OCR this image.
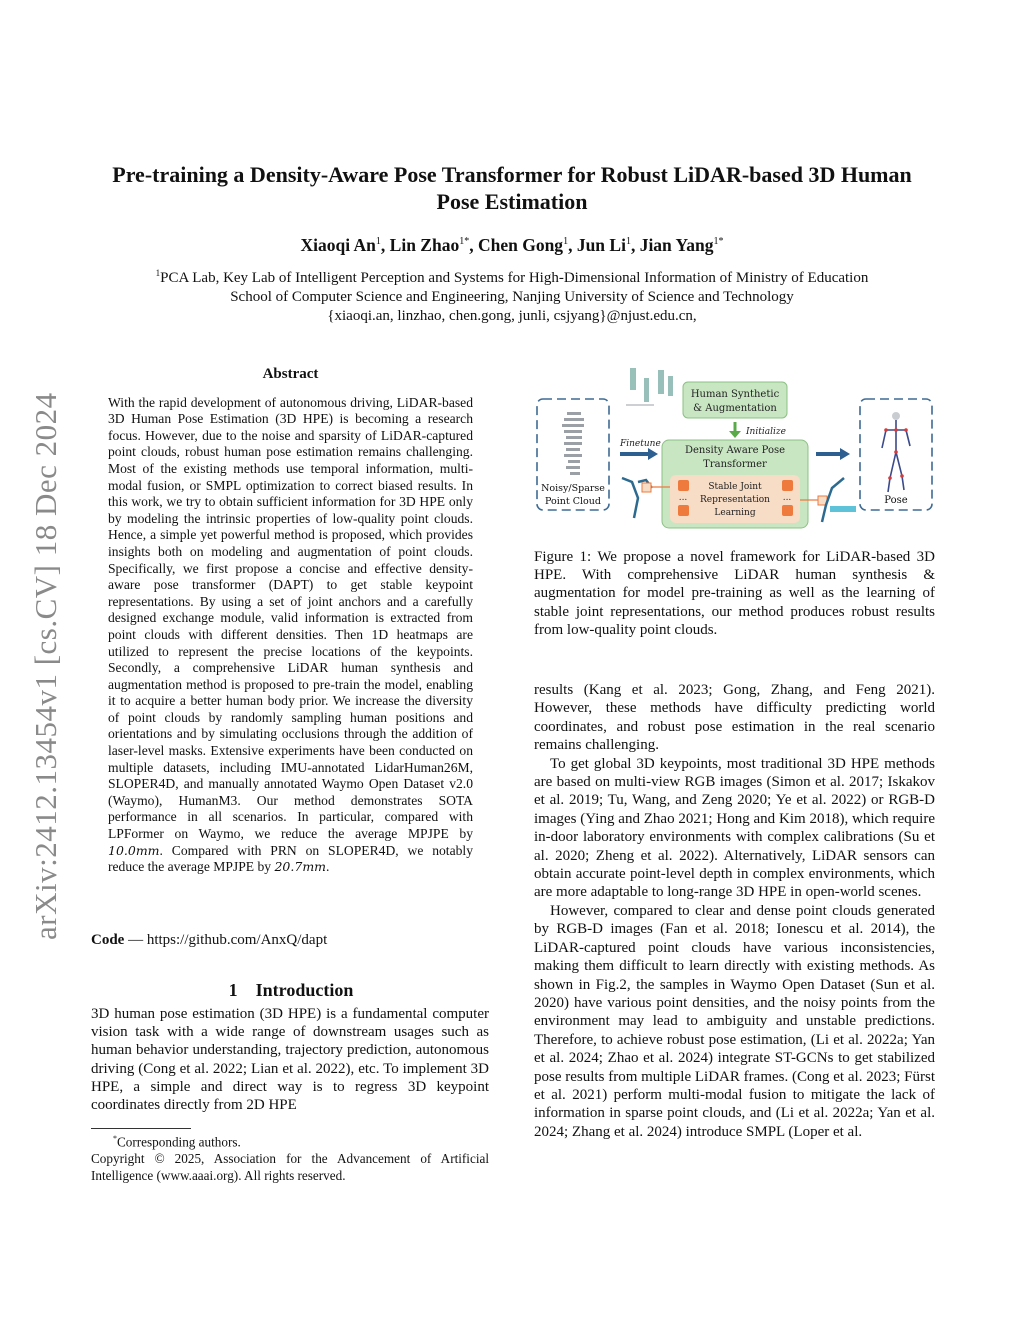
arXiv:2412.13454v1 [cs.CV] 18 Dec 2024
Pre-training a Density-Aware Pose Transformer for Robust LiDAR-based 3D Human Pose Estimation
Xiaoqi An$^1$, Lin Zhao$^{1*}$, Chen Gong$^1$, Jun Li$^1$, Jian Yang$^{1*}$
$^1$PCA Lab, Key Lab of Intelligent Perception and Systems for High-Dimensional Information of Ministry of Education
School of Computer Science and Engineering, Nanjing University of Science and Technology
{xiaoqi.an, linzhao, chen.gong, junli, csjyang}@njust.edu.cn,
Abstract
With the rapid development of autonomous driving, LiDAR-based 3D Human Pose Estimation (3D HPE) is becoming a research focus. However, due to the noise and sparsity of LiDAR-captured point clouds, robust human pose estimation remains challenging. Most of the existing methods use temporal information, multi-modal fusion, or SMPL optimization to correct biased results. In this work, we try to obtain sufficient information for 3D HPE only by modeling the intrinsic properties of low-quality point clouds. Hence, a simple yet powerful method is proposed, which provides insights both on modeling and augmentation of point clouds. Specifically, we first propose a concise and effective density-aware pose transformer (DAPT) to get stable keypoint representations. By using a set of joint anchors and a carefully designed exchange module, valid information is extracted from point clouds with different densities. Then 1D heatmaps are utilized to represent the precise locations of the keypoints. Secondly, a comprehensive LiDAR human synthesis and augmentation method is proposed to pre-train the model, enabling it to acquire a better human body prior. We increase the diversity of point clouds by randomly sampling human positions and orientations and by simulating occlusions through the addition of laser-level masks. Extensive experiments have been conducted on multiple datasets, including IMU-annotated LidarHuman26M, SLOPER4D, and manually annotated Waymo Open Dataset v2.0 (Waymo), HumanM3. Our method demonstrates SOTA performance in all scenarios. In particular, compared with LPFormer on Waymo, we reduce the average MPJPE by 10.0mm. Compared with PRN on SLOPER4D, we notably reduce the average MPJPE by 20.7mm.
Code — https://github.com/AnxQ/dapt
1    Introduction
3D human pose estimation (3D HPE) is a fundamental computer vision task with a wide range of downstream usages such as human behavior understanding, trajectory prediction, autonomous driving (Cong et al. 2022; Lian et al. 2022), etc. To implement 3D HPE, a simple and direct way is to regress 3D keypoint coordinates directly from 2D HPE
*Corresponding authors.
Copyright © 2025, Association for the Advancement of Artificial Intelligence (www.aaai.org). All rights reserved.
Noisy/Sparse
Point Cloud
Human Synthetic
& Augmentation
Initialize
Density Aware Pose
Transformer
...	...
Stable Joint
Representation
Learning
Finetune
Pose
Figure 1: We propose a novel framework for LiDAR-based 3D HPE. With comprehensive LiDAR human synthesis & augmentation for model pre-training as well as the learning of stable joint representations, our method produces robust results from low-quality point clouds.

results (Kang et al. 2023; Gong, Zhang, and Feng 2021). However, these methods have difficulty predicting world coordinates, and robust pose estimation in the real scenario remains challenging.

To get global 3D keypoints, most traditional 3D HPE methods are based on multi-view RGB images (Simon et al. 2017; Iskakov et al. 2019; Tu, Wang, and Zeng 2020; Ye et al. 2022) or RGB-D images (Ying and Zhao 2021; Hong and Kim 2018), which require in-door laboratory environments with complex calibrations (Su et al. 2020; Zheng et al. 2022). Alternatively, LiDAR sensors can obtain accurate point-level depth in complex environments, which are more adaptable to long-range 3D HPE in open-world scenes.

However, compared to clear and dense point clouds generated by RGB-D images (Fan et al. 2018; Ionescu et al. 2014), the LiDAR-captured point clouds have various inconsistencies, making them difficult to learn directly with existing methods. As shown in Fig.2, the samples in Waymo Open Dataset (Sun et al. 2020) have various point densities, and the noisy points from the environment may lead to ambiguity and unstable predictions. Therefore, to achieve robust pose estimation, (Li et al. 2022a; Yan et al. 2024; Zhao et al. 2024) integrate ST-GCNs to get stabilized pose results from multiple LiDAR frames. (Cong et al. 2023; Fürst et al. 2021) perform multi-modal fusion to mitigate the lack of information in sparse point clouds, and (Li et al. 2022a; Yan et al. 2024; Zhang et al. 2024) introduce SMPL (Loper et al.
